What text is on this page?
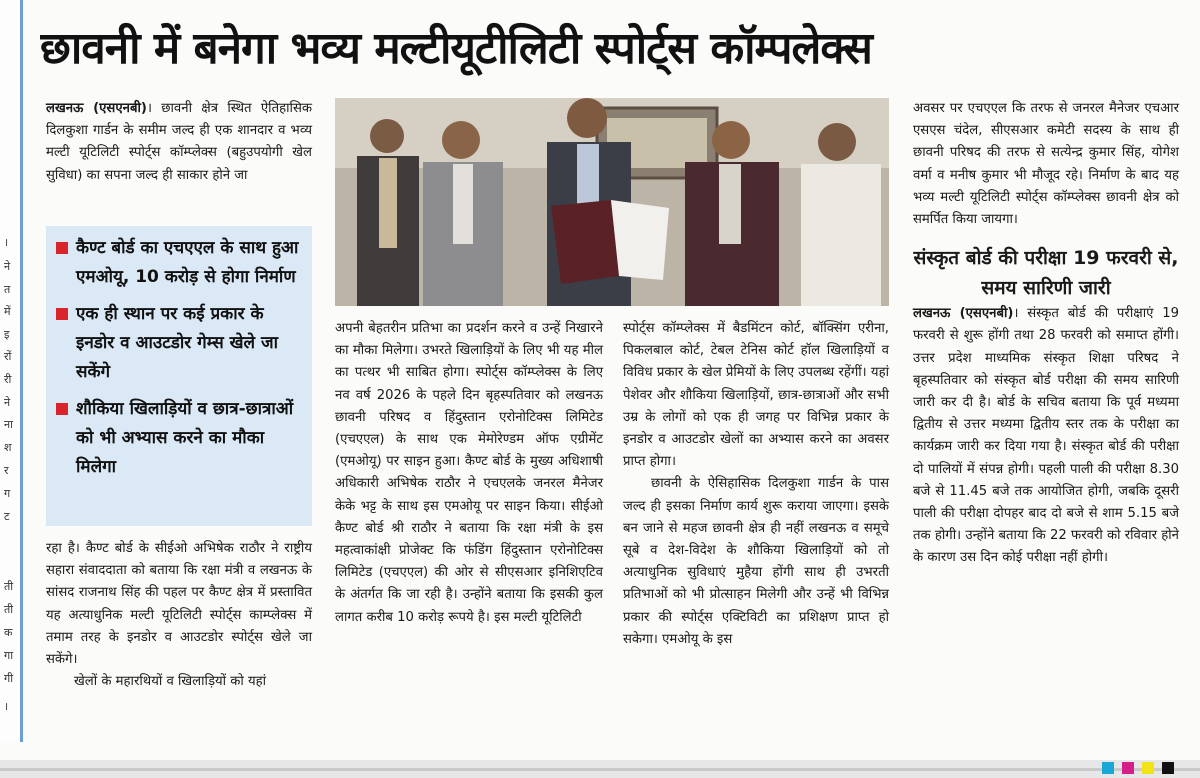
।
ने
त
में
इ
रों
री
ने
ना
श
र
ग
ट
ती
ती
क
गा
गी
।
छावनी में बनेगा भव्य मल्टीयूटीलिटी स्पोर्ट्स कॉम्पलेक्स

लखनऊ (एसएनबी)। छावनी क्षेत्र स्थित ऐतिहासिक दिलकुशा गार्डन के समीम जल्द ही एक शानदार व भव्य मल्टी यूटिलिटी स्पोर्ट्स कॉम्प्लेक्स (बहुउपयोगी खेल सुविधा) का सपना जल्द ही साकार होने जा

कैण्ट बोर्ड का एचएएल के साथ हुआ एमओयू, 10 करोड़ से होगा निर्माण
एक ही स्थान पर कई प्रकार के इनडोर व आउटडोर गेम्स खेले जा सकेंगे
शौकिया खिलाड़ियों व छात्र-छात्राओं को भी अभ्यास करने का मौका मिलेगा

रहा है। कैण्ट बोर्ड के सीईओ अभिषेक राठौर ने राष्ट्रीय सहारा संवाददाता को बताया कि रक्षा मंत्री व लखनऊ के सांसद राजनाथ सिंह की पहल पर कैण्ट क्षेत्र में प्रस्तावित यह अत्याधुनिक मल्टी यूटिलिटी स्पोर्ट्स काम्प्लेक्स में तमाम तरह के इनडोर व आउटडोर स्पोर्ट्स खेले जा सकेंगे।

खेलों के महारथियों व खिलाड़ियों को यहां

अपनी बेहतरीन प्रतिभा का प्रदर्शन करने व उन्हें निखारने का मौका मिलेगा। उभरते खिलाड़ियों के लिए भी यह मील का पत्थर भी साबित होगा। स्पोर्ट्स कॉम्प्लेक्स के लिए नव वर्ष 2026 के पहले दिन बृहस्पतिवार को लखनऊ छावनी परिषद व हिंदुस्तान एरोनोटिक्स लिमिटेड (एचएएल) के साथ एक मेमोरेण्डम ऑफ एग्रीमेंट (एमओयू) पर साइन हुआ। कैण्ट बोर्ड के मुख्य अधिशाषी अधिकारी अभिषेक राठौर ने एचएलके जनरल मैनेजर केके भट्ट के साथ इस एमओयू पर साइन किया। सीईओ कैण्ट बोर्ड श्री राठौर ने बताया कि रक्षा मंत्री के इस महत्वाकांक्षी प्रोजेक्ट कि फंडिंग हिंदुस्तान एरोनोटिक्स लिमिटेड (एचएएल) की ओर से सीएसआर इनिशिएटिव के अंतर्गत कि जा रही है। उन्होंने बताया कि इसकी कुल लागत करीब 10 करोड़ रूपये है। इस मल्टी यूटिलिटी

स्पोर्ट्स कॉम्प्लेक्स में बैडमिंटन कोर्ट, बॉक्सिंग एरीना, पिकलबाल कोर्ट, टेबल टेनिस कोर्ट हॉल खिलाड़ियों व विविध प्रकार के खेल प्रेमियों के लिए उपलब्ध रहेंगीं। यहां पेशेवर और शौकिया खिलाड़ियों, छात्र-छात्राओं और सभी उम्र के लोगों को एक ही जगह पर विभिन्न प्रकार के इनडोर व आउटडोर खेलों का अभ्यास करने का अवसर प्राप्त होगा।

छावनी के ऐसिहासिक दिलकुशा गार्डन के पास जल्द ही इसका निर्माण कार्य शुरू कराया जाएगा। इसके बन जाने से महज छावनी क्षेत्र ही नहीं लखनऊ व समूचे सूबे व देश-विदेश के शौकिया खिलाड़ियों को तो अत्याधुनिक सुविधाएं मुहैया होंगी साथ ही उभरती प्रतिभाओं को भी प्रोत्साहन मिलेगी और उन्हें भी विभिन्न प्रकार की स्पोर्ट्स एक्टिविटी का प्रशिक्षण प्राप्त हो सकेगा। एमओयू के इस

अवसर पर एचएएल कि तरफ से जनरल मैनेजर एचआर एसएस चंदेल, सीएसआर कमेटी सदस्य के साथ ही छावनी परिषद की तरफ से सत्येन्द्र कुमार सिंह, योगेश वर्मा व मनीष कुमार भी मौजूद रहे। निर्माण के बाद यह भव्य मल्टी यूटिलिटी स्पोर्ट्स कॉम्प्लेक्स छावनी क्षेत्र को समर्पित किया जायगा।

संस्कृत बोर्ड की परीक्षा 19 फरवरी से, समय सारिणी जारी

लखनऊ (एसएनबी)। संस्कृत बोर्ड की परीक्षाएं 19 फरवरी से शुरू होंगी तथा 28 फरवरी को समाप्त होंगी। उत्तर प्रदेश माध्यमिक संस्कृत शिक्षा परिषद ने बृहस्पतिवार को संस्कृत बोर्ड परीक्षा की समय सारिणी जारी कर दी है। बोर्ड के सचिव बताया कि पूर्व मध्यमा द्वितीय से उत्तर मध्यमा द्वितीय स्तर तक के परीक्षा का कार्यक्रम जारी कर दिया गया है। संस्कृत बोर्ड की परीक्षा दो पालियों में संपन्न होगी। पहली पाली की परीक्षा 8.30 बजे से 11.45 बजे तक आयोजित होगी, जबकि दूसरी पाली की परीक्षा दोपहर बाद दो बजे से शाम 5.15 बजे तक होगी। उन्होंने बताया कि 22 फरवरी को रविवार होने के कारण उस दिन कोई परीक्षा नहीं होगी।
